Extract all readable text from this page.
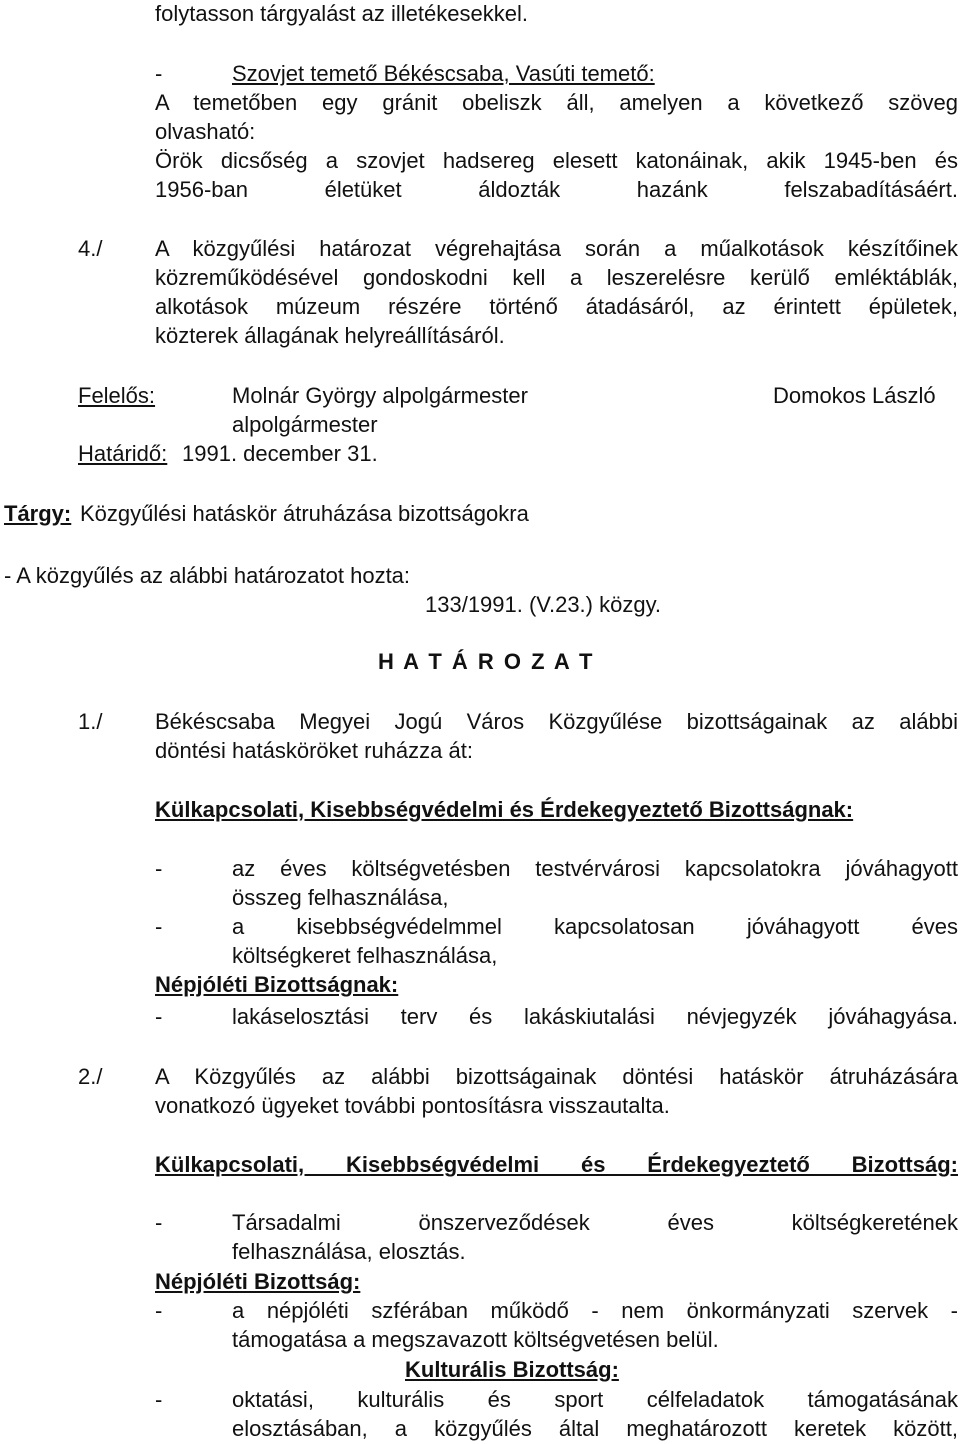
folytasson tárgyalást az illetékesekkel.
-	Szovjet temető Békéscsaba, Vasúti temető:
A temetőben egy gránit obeliszk áll, amelyen a következő szöveg
olvasható:
Örök dicsőség a szovjet hadsereg elesett katonáinak, akik 1945-ben és
1956-ban életüket áldozták hazánk felszabadításáért.
4./ A közgyűlési határozat végrehajtása során a műalkotások készítőinek
közreműködésével gondoskodni kell a leszerelésre kerülő emléktáblák,
alkotások múzeum részére történő átadásáról, az érintett épületek,
közterek állagának helyreállításáról.
Felelős:	Molnár György alpolgármester	Domokos László
alpolgármester
Határidő: 1991. december 31.
Tárgy: Közgyűlési hatáskör átruházása bizottságokra
- A közgyűlés az alábbi határozatot hozta:
133/1991. (V.23.) közgy.
H A T Á R O Z A T
1./ Békéscsaba Megyei Jogú Város Közgyűlése bizottságainak az alábbi
döntési hatásköröket ruházza át:
Külkapcsolati, Kisebbségvédelmi és Érdekegyeztető Bizottságnak:
-	az éves költségvetésben testvérvárosi kapcsolatokra jóváhagyott
összeg felhasználása,
-	a kisebbségvédelmmel kapcsolatosan jóváhagyott éves
költségkeret felhasználása,
Népjóléti Bizottságnak:
-	lakáselosztási terv és lakáskiutalási névjegyzék jóváhagyása.
2./ A Közgyűlés az alábbi bizottságainak döntési hatáskör átruházására
vonatkozó ügyeket további pontosításra visszautalta.
Külkapcsolati, Kisebbségvédelmi és Érdekegyeztető Bizottság:
-	Társadalmi önszerveződések éves költségkeretének
felhasználása, elosztás.
Népjóléti Bizottság:
-	a népjóléti szférában működő - nem önkormányzati szervek -
támogatása a megszavazott költségvetésen belül.
Kulturális Bizottság:
-	oktatási, kulturális és sport célfeladatok támogatásának
elosztásában, a közgyűlés által meghatározott keretek között,
